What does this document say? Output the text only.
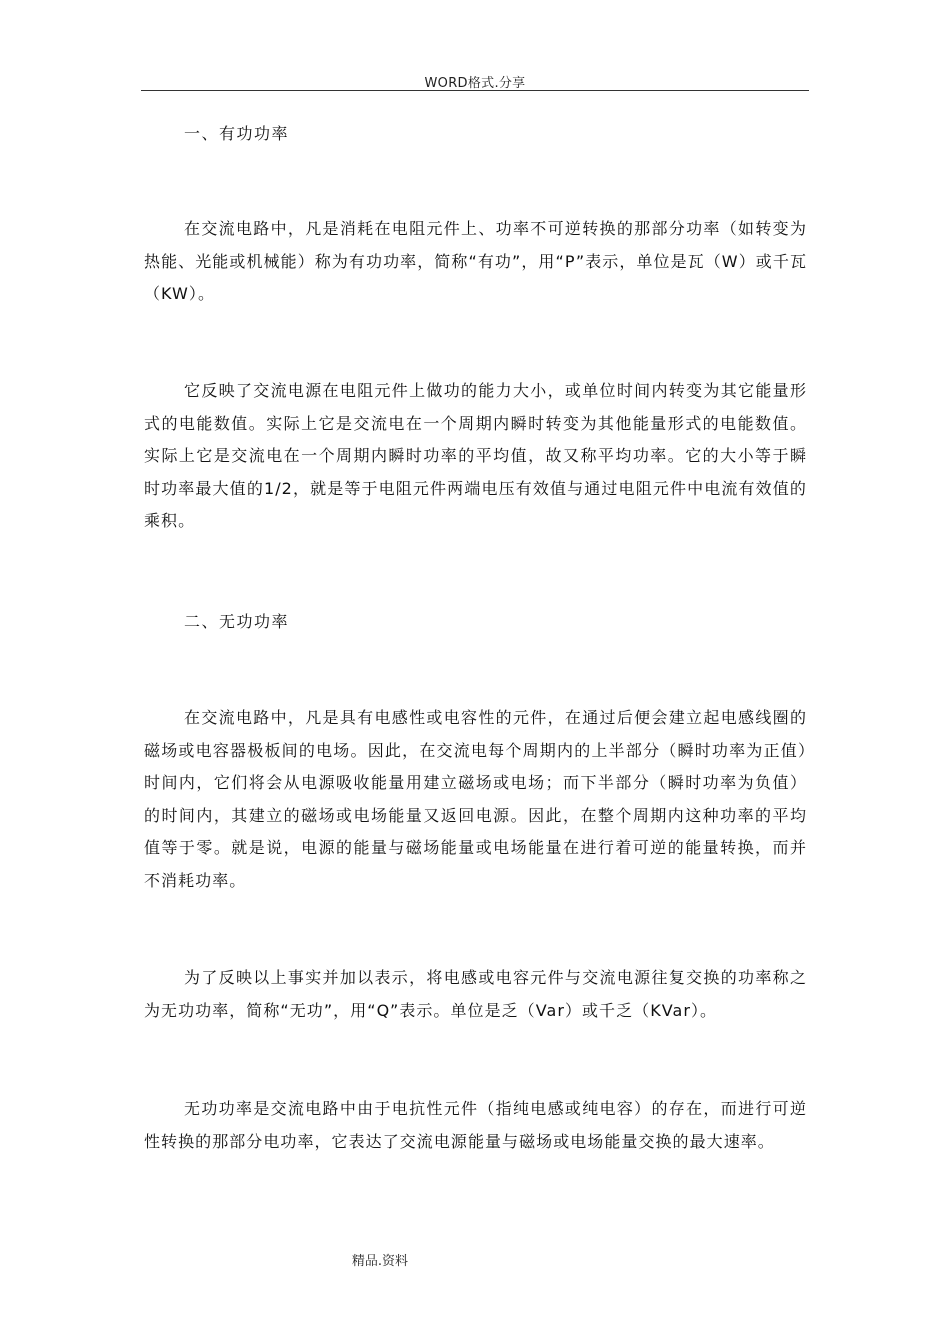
WORD格式.分享
一、有功功率

在交流电路中，凡是消耗在电阻元件上、功率不可逆转换的那部分功率（如转变为热能、光能或机械能）称为有功功率，简称“有功”，用“P”表示，单位是瓦（W）或千瓦（KW）。

它反映了交流电源在电阻元件上做功的能力大小，或单位时间内转变为其它能量形式的电能数值。实际上它是交流电在一个周期内瞬时转变为其他能量形式的电能数值。实际上它是交流电在一个周期内瞬时功率的平均值，故又称平均功率。它的大小等于瞬时功率最大值的1/2，就是等于电阻元件两端电压有效值与通过电阻元件中电流有效值的乘积。

二、无功功率

在交流电路中，凡是具有电感性或电容性的元件，在通过后便会建立起电感线圈的磁场或电容器极板间的电场。因此，在交流电每个周期内的上半部分（瞬时功率为正值）时间内，它们将会从电源吸收能量用建立磁场或电场；而下半部分（瞬时功率为负值）的时间内，其建立的磁场或电场能量又返回电源。因此，在整个周期内这种功率的平均值等于零。就是说，电源的能量与磁场能量或电场能量在进行着可逆的能量转换，而并不消耗功率。

为了反映以上事实并加以表示，将电感或电容元件与交流电源往复交换的功率称之为无功功率，简称“无功”，用“Q”表示。单位是乏（Var）或千乏（KVar）。

无功功率是交流电路中由于电抗性元件（指纯电感或纯电容）的存在，而进行可逆性转换的那部分电功率，它表达了交流电源能量与磁场或电场能量交换的最大速率。

精品.资料
